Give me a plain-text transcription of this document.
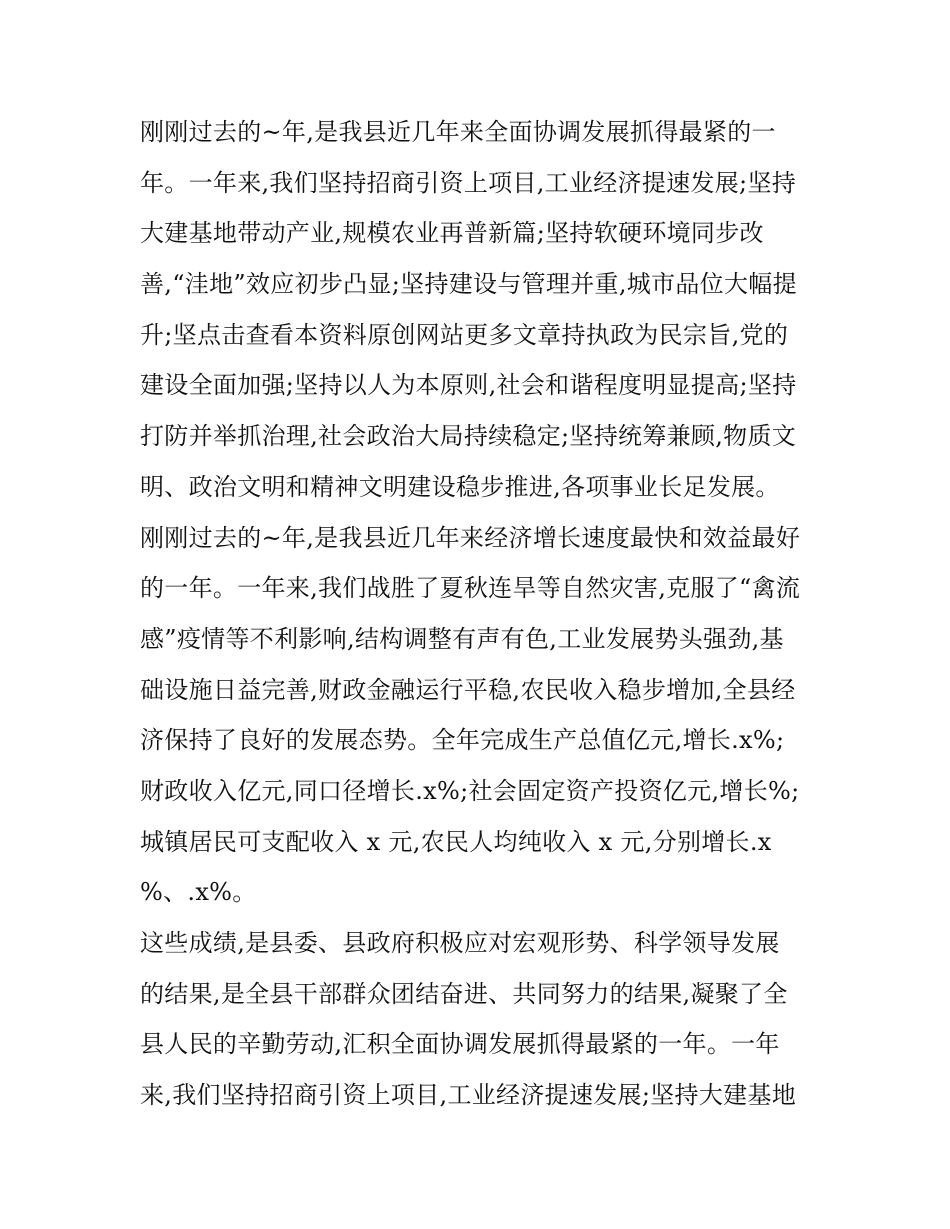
刚刚过去的~年,是我县近几年来全面协调发展抓得最紧的一
年。一年来,我们坚持招商引资上项目,工业经济提速发展;坚持
大建基地带动产业,规模农业再普新篇;坚持软硬环境同步改
善,“洼地”效应初步凸显;坚持建设与管理并重,城市品位大幅提
升;坚点击查看本资料原创网站更多文章持执政为民宗旨,党的
建设全面加强;坚持以人为本原则,社会和谐程度明显提高;坚持
打防并举抓治理,社会政治大局持续稳定;坚持统筹兼顾,物质文
明、政治文明和精神文明建设稳步推进,各项事业长足发展。
刚刚过去的~年,是我县近几年来经济增长速度最快和效益最好
的一年。一年来,我们战胜了夏秋连旱等自然灾害,克服了“禽流
感”疫情等不利影响,结构调整有声有色,工业发展势头强劲,基
础设施日益完善,财政金融运行平稳,农民收入稳步增加,全县经
济保持了良好的发展态势。全年完成生产总值亿元,增长.x%;
财政收入亿元,同口径增长.x%;社会固定资产投资亿元,增长%;
城镇居民可支配收入 x 元,农民人均纯收入 x 元,分别增长.x
%、.x%。
这些成绩,是县委、县政府积极应对宏观形势、科学领导发展
的结果,是全县干部群众团结奋进、共同努力的结果,凝聚了全
县人民的辛勤劳动,汇积全面协调发展抓得最紧的一年。一年
来,我们坚持招商引资上项目,工业经济提速发展;坚持大建基地
